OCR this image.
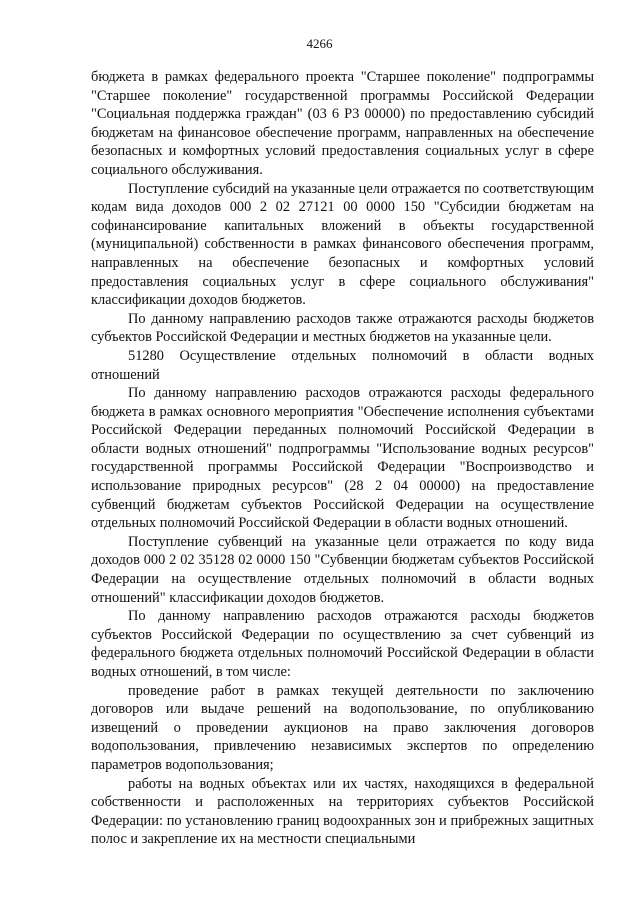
4266

бюджета в рамках федерального проекта "Старшее поколение" подпрограммы "Старшее поколение" государственной программы Российской Федерации "Социальная поддержка граждан" (03 6 P3 00000) по предоставлению субсидий бюджетам на финансовое обеспечение программ, направленных на обеспечение безопасных и комфортных условий предоставления социальных услуг в сфере социального обслуживания.

Поступление субсидий на указанные цели отражается по соответствующим кодам вида доходов 000 2 02 27121 00 0000 150 "Субсидии бюджетам на софинансирование капитальных вложений в объекты государственной (муниципальной) собственности в рамках финансового обеспечения программ, направленных на обеспечение безопасных и комфортных условий предоставления социальных услуг в сфере социального обслуживания" классификации доходов бюджетов.

По данному направлению расходов также отражаются расходы бюджетов субъектов Российской Федерации и местных бюджетов на указанные цели.

51280 Осуществление отдельных полномочий в области водных отношений

По данному направлению расходов отражаются расходы федерального бюджета в рамках основного мероприятия "Обеспечение исполнения субъектами Российской Федерации переданных полномочий Российской Федерации в области водных отношений" подпрограммы "Использование водных ресурсов" государственной программы Российской Федерации "Воспроизводство и использование природных ресурсов" (28 2 04 00000) на предоставление субвенций бюджетам субъектов Российской Федерации на осуществление отдельных полномочий Российской Федерации в области водных отношений.

Поступление субвенций на указанные цели отражается по коду вида доходов 000 2 02 35128 02 0000 150 "Субвенции бюджетам субъектов Российской Федерации на осуществление отдельных полномочий в области водных отношений" классификации доходов бюджетов.

По данному направлению расходов отражаются расходы бюджетов субъектов Российской Федерации по осуществлению за счет субвенций из федерального бюджета отдельных полномочий Российской Федерации в области водных отношений, в том числе:

проведение работ в рамках текущей деятельности по заключению договоров или выдаче решений на водопользование, по опубликованию извещений о проведении аукционов на право заключения договоров водопользования, привлечению независимых экспертов по определению параметров водопользования;

работы на водных объектах или их частях, находящихся в федеральной собственности и расположенных на территориях субъектов Российской Федерации: по установлению границ водоохранных зон и прибрежных защитных полос и закрепление их на местности специальными
